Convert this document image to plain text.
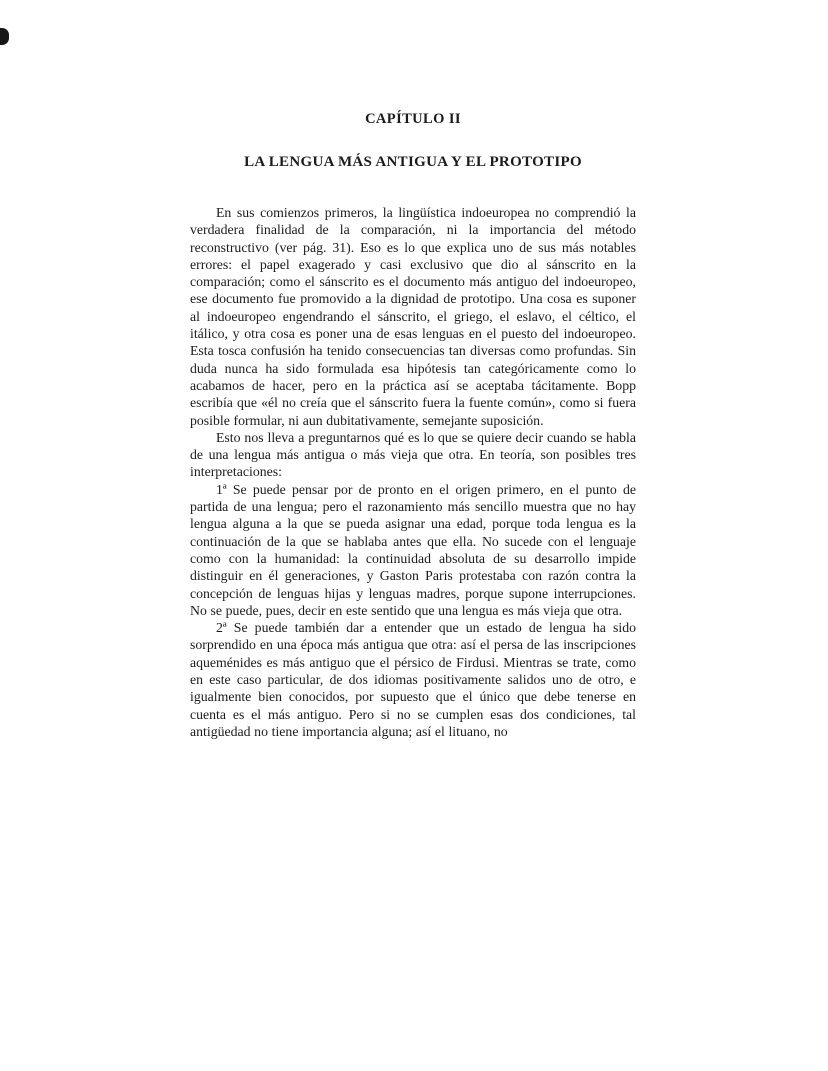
CAPÍTULO II
LA LENGUA MÁS ANTIGUA Y EL PROTOTIPO

En sus comienzos primeros, la lingüística indoeuropea no comprendió la verdadera finalidad de la comparación, ni la importancia del método reconstructivo (ver pág. 31). Eso es lo que explica uno de sus más notables errores: el papel exagerado y casi exclusivo que dio al sánscrito en la comparación; como el sánscrito es el documento más antiguo del indoeuropeo, ese documento fue promovido a la dignidad de prototipo. Una cosa es suponer al indoeuropeo engendrando el sánscrito, el griego, el eslavo, el céltico, el itálico, y otra cosa es poner una de esas lenguas en el puesto del indoeuropeo. Esta tosca confusión ha tenido consecuencias tan diversas como profundas. Sin duda nunca ha sido formulada esa hipótesis tan categóricamente como lo acabamos de hacer, pero en la práctica así se aceptaba tácitamente. Bopp escribía que «él no creía que el sánscrito fuera la fuente común», como si fuera posible formular, ni aun dubitativamente, semejante suposición.

Esto nos lleva a preguntarnos qué es lo que se quiere decir cuando se habla de una lengua más antigua o más vieja que otra. En teoría, son posibles tres interpretaciones:

1ª Se puede pensar por de pronto en el origen primero, en el punto de partida de una lengua; pero el razonamiento más sencillo muestra que no hay lengua alguna a la que se pueda asignar una edad, porque toda lengua es la continuación de la que se hablaba antes que ella. No sucede con el lenguaje como con la humanidad: la continuidad absoluta de su desarrollo impide distinguir en él generaciones, y Gaston Paris protestaba con razón contra la concepción de lenguas hijas y lenguas madres, porque supone interrupciones. No se puede, pues, decir en este sentido que una lengua es más vieja que otra.

2ª Se puede también dar a entender que un estado de lengua ha sido sorprendido en una época más antigua que otra: así el persa de las inscripciones aqueménides es más antiguo que el pérsico de Firdusi. Mientras se trate, como en este caso particular, de dos idiomas positivamente salidos uno de otro, e igualmente bien conocidos, por supuesto que el único que debe tenerse en cuenta es el más antiguo. Pero si no se cumplen esas dos condiciones, tal antigüedad no tiene importancia alguna; así el lituano, no
